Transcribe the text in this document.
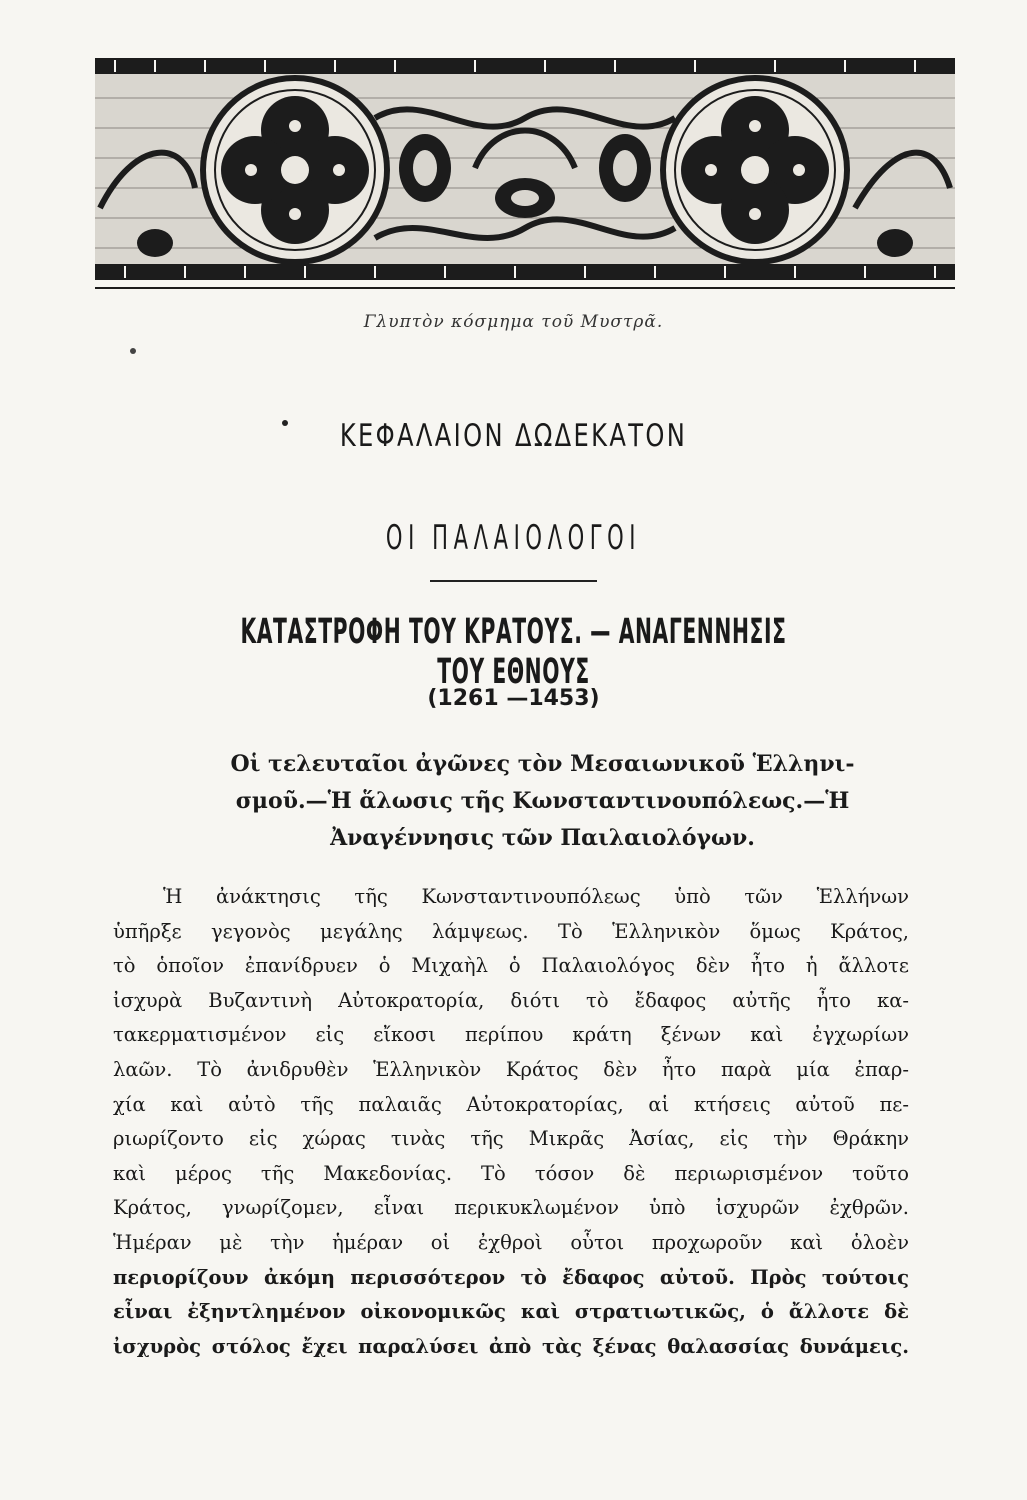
Γλυπτὸν κόσμημα τοῦ Μυστρᾶ.
ΚΕΦΑΛΑΙΟΝ ΔΩΔΕΚΑΤΟΝ
ΟΙ ΠΑΛΑΙΟΛΟΓΟΙ
ΚΑΤΑΣΤΡΟΦΗ ΤΟΥ ΚΡΑΤΟΥΣ. — ΑΝΑΓΕΝΝΗΣΙΣ ΤΟΥ ΕΘΝΟΥΣ
(1261 —1453)
Οἱ τελευταῖοι ἀγῶνες τὸν Μεσαιωνικοῦ Ἑλληνι-
σμοῦ.—Ἡ ἅλωσις τῆς Κωνσταντινουπόλεως.—Ἡ
Ἀναγέννησις τῶν Παιλαιολόγων.
Ἡ ἀνάκτησις τῆς Κωνσταντινουπόλεως ὑπὸ τῶν Ἑλλήνων
ὑπῆρξε γεγονὸς μεγάλης λάμψεως. Τὸ Ἑλληνικὸν ὅμως Κράτος,
τὸ ὁποῖον ἐπανίδρυεν ὁ Μιχαὴλ ὁ Παλαιολόγος δὲν ἦτο ἡ ἄλλοτε
ἰσχυρὰ Βυζαντινὴ Αὐτοκρατορία, διότι τὸ ἔδαφος αὐτῆς ἦτο κα-
τακερματισμένον εἰς εἴκοσι περίπου κράτη ξένων καὶ ἐγχωρίων
λαῶν. Τὸ ἀνιδρυθὲν Ἑλληνικὸν Κράτος δὲν ἦτο παρὰ μία ἐπαρ-
χία καὶ αὐτὸ τῆς παλαιᾶς Αὐτοκρατορίας, αἱ κτήσεις αὐτοῦ πε-
ριωρίζοντο εἰς χώρας τινὰς τῆς Μικρᾶς Ἀσίας, εἰς τὴν Θράκην
καὶ μέρος τῆς Μακεδονίας. Τὸ τόσον δὲ περιωρισμένον τοῦτο
Κράτος, γνωρίζομεν, εἶναι περικυκλωμένον ὑπὸ ἰσχυρῶν ἐχθρῶν.
Ἡμέραν μὲ τὴν ἡμέραν οἱ ἐχθροὶ οὗτοι προχωροῦν καὶ ὁλοὲν
περιορίζουν ἀκόμη περισσότερον τὸ ἔδαφος αὐτοῦ. Πρὸς τούτοις
εἶναι ἐξηντλημένον οἰκονομικῶς καὶ στρατιωτικῶς, ὁ ἄλλοτε δὲ
ἰσχυρὸς στόλος ἔχει παραλύσει ἀπὸ τὰς ξένας θαλασσίας δυνάμεις.
